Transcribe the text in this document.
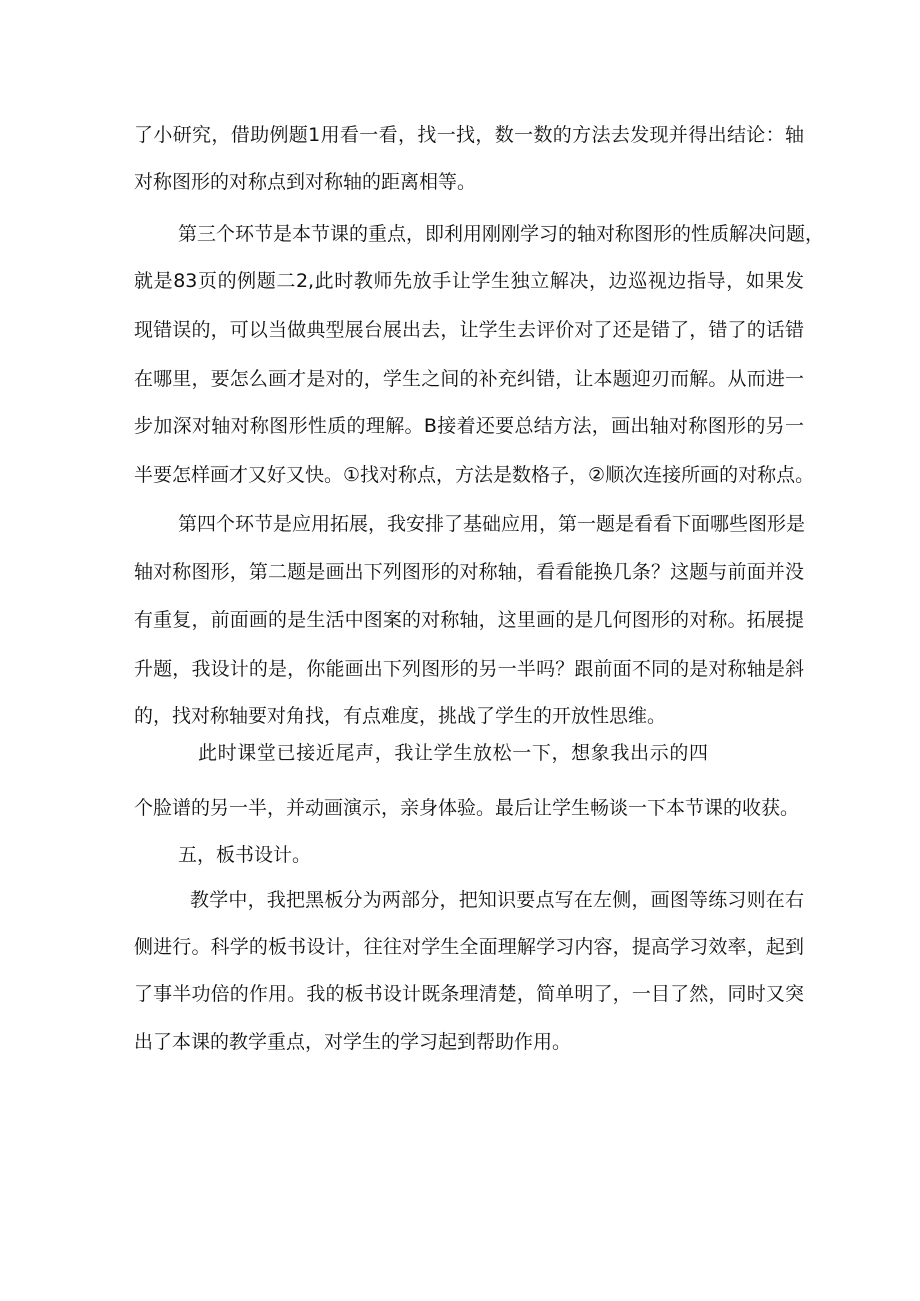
了小研究，借助例题1用看一看，找一找，数一数的方法去发现并得出结论：轴

对称图形的对称点到对称轴的距离相等。

第三个环节是本节课的重点，即利用刚刚学习的轴对称图形的性质解决问题，

就是83页的例题二2,此时教师先放手让学生独立解决，边巡视边指导，如果发

现错误的，可以当做典型展台展出去，让学生去评价对了还是错了，错了的话错

在哪里，要怎么画才是对的，学生之间的补充纠错，让本题迎刃而解。从而进一

步加深对轴对称图形性质的理解。B接着还要总结方法，画出轴对称图形的另一

半要怎样画才又好又快。①找对称点，方法是数格子，②顺次连接所画的对称点。

第四个环节是应用拓展，我安排了基础应用，第一题是看看下面哪些图形是

轴对称图形，第二题是画出下列图形的对称轴，看看能换几条？这题与前面并没

有重复，前面画的是生活中图案的对称轴，这里画的是几何图形的对称。拓展提

升题，我设计的是，你能画出下列图形的另一半吗？跟前面不同的是对称轴是斜

的，找对称轴要对角找，有点难度，挑战了学生的开放性思维。

此时课堂已接近尾声，我让学生放松一下，想象我出示的四

个脸谱的另一半，并动画演示，亲身体验。最后让学生畅谈一下本节课的收获。

五，板书设计。

教学中，我把黑板分为两部分，把知识要点写在左侧，画图等练习则在右

侧进行。科学的板书设计，往往对学生全面理解学习内容，提高学习效率，起到

了事半功倍的作用。我的板书设计既条理清楚，简单明了，一目了然，同时又突

出了本课的教学重点，对学生的学习起到帮助作用。
